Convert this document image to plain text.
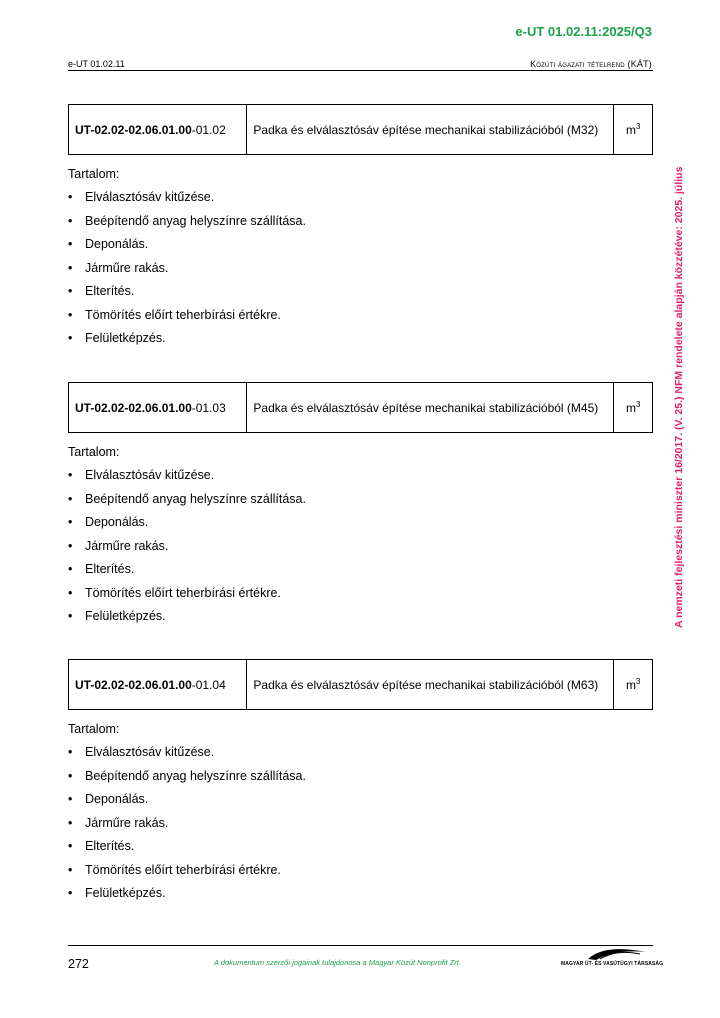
e-UT 01.02.11:2025/Q3
e-UT 01.02.11	Közúti ágazati tételrend (KÁT)
A nemzeti fejlesztési miniszter 16/2017. (V. 25.) NFM rendelete alapján közzétéve: 2025. július
UT-02.02-02.06.01.00-01.02	Padka és elválasztósáv építése mechanikai stabilizációból (M32)	$m^3$
Tartalom:
• Elválasztósáv kitűzése.
• Beépítendő anyag helyszínre szállítása.
• Deponálás.
• Járműre rakás.
• Elterítés.
• Tömörítés előírt teherbírási értékre.
• Felületképzés.
UT-02.02-02.06.01.00-01.03	Padka és elválasztósáv építése mechanikai stabilizációból (M45)	$m^3$
Tartalom:
• Elválasztósáv kitűzése.
• Beépítendő anyag helyszínre szállítása.
• Deponálás.
• Járműre rakás.
• Elterítés.
• Tömörítés előírt teherbírási értékre.
• Felületképzés.
UT-02.02-02.06.01.00-01.04	Padka és elválasztósáv építése mechanikai stabilizációból (M63)	$m^3$
Tartalom:
• Elválasztósáv kitűzése.
• Beépítendő anyag helyszínre szállítása.
• Deponálás.
• Járműre rakás.
• Elterítés.
• Tömörítés előírt teherbírási értékre.
• Felületképzés.
272	A dokumentum szerzői jogainak tulajdonosa a Magyar Közút Nonprofit Zrt.	MAGYAR ÚT- ÉS VASÚTÜGYI TÁRSASÁG
